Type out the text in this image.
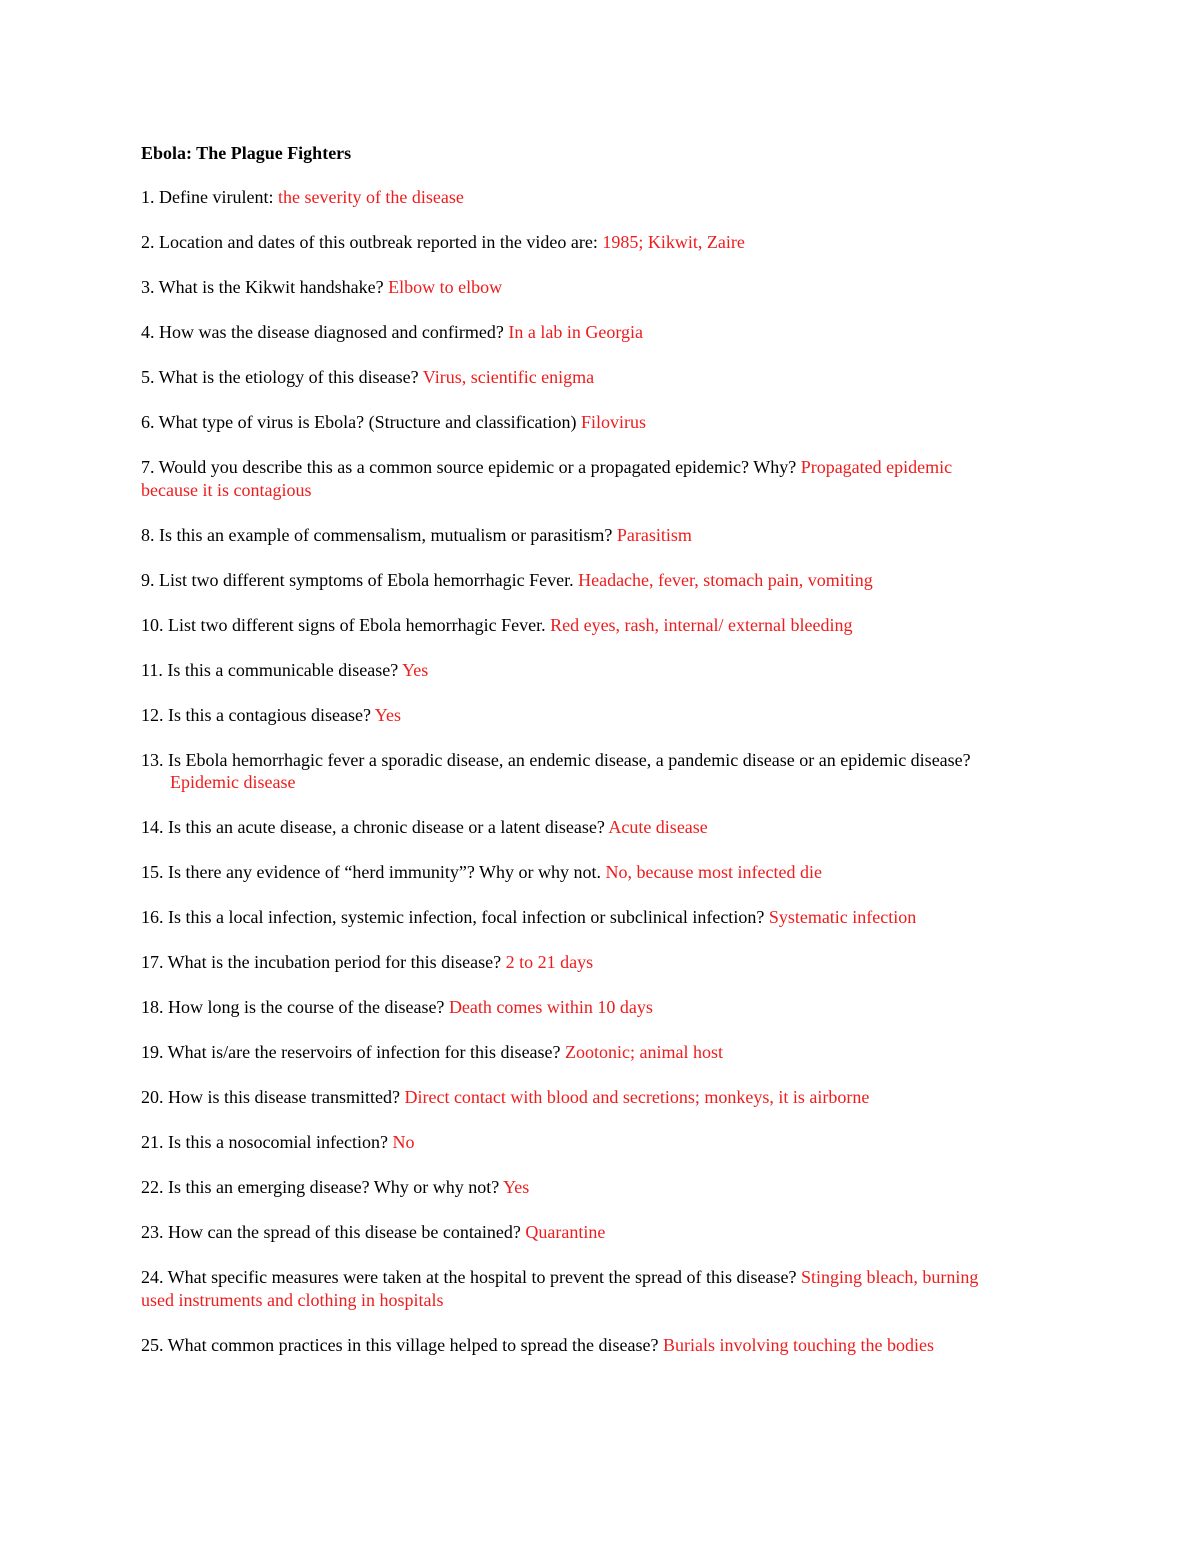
Ebola: The Plague Fighters
1. Define virulent: the severity of the disease
2. Location and dates of this outbreak reported in the video are: 1985; Kikwit, Zaire
3. What is the Kikwit handshake? Elbow to elbow
4. How was the disease diagnosed and confirmed? In a lab in Georgia
5. What is the etiology of this disease? Virus, scientific enigma
6. What type of virus is Ebola? (Structure and classification) Filovirus
7. Would you describe this as a common source epidemic or a propagated epidemic? Why? Propagated epidemic
because it is contagious
8. Is this an example of commensalism, mutualism or parasitism? Parasitism
9. List two different symptoms of Ebola hemorrhagic Fever. Headache, fever, stomach pain, vomiting
10. List two different signs of Ebola hemorrhagic Fever. Red eyes, rash, internal/ external bleeding
11. Is this a communicable disease? Yes
12. Is this a contagious disease? Yes
13. Is Ebola hemorrhagic fever a sporadic disease, an endemic disease, a pandemic disease or an epidemic disease?
Epidemic disease
14. Is this an acute disease, a chronic disease or a latent disease? Acute disease
15. Is there any evidence of “herd immunity”? Why or why not. No, because most infected die
16. Is this a local infection, systemic infection, focal infection or subclinical infection? Systematic infection
17. What is the incubation period for this disease? 2 to 21 days
18. How long is the course of the disease? Death comes within 10 days
19. What is/are the reservoirs of infection for this disease? Zootonic; animal host
20. How is this disease transmitted? Direct contact with blood and secretions; monkeys, it is airborne
21. Is this a nosocomial infection? No
22. Is this an emerging disease? Why or why not? Yes
23. How can the spread of this disease be contained? Quarantine
24. What specific measures were taken at the hospital to prevent the spread of this disease? Stinging bleach, burning
used instruments and clothing in hospitals
25. What common practices in this village helped to spread the disease? Burials involving touching the bodies
